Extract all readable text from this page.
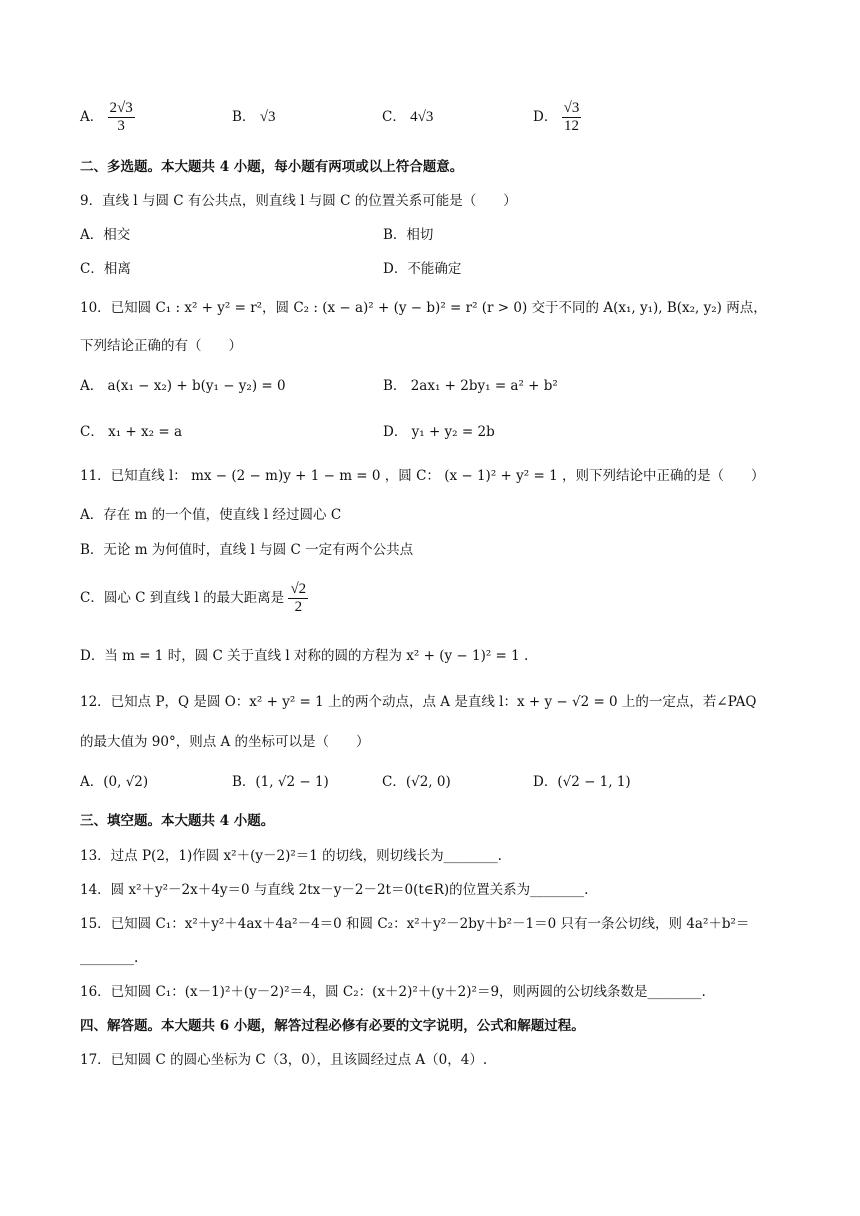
A． $\frac{2√3}{3}$	B． √3	C． 4√3	D． $\frac{√3}{12}$
二、多选题。本大题共 4 小题，每小题有两项或以上符合题意。
9．直线 l 与圆 C 有公共点，则直线 l 与圆 C 的位置关系可能是（　　）
A．相交	B．相切
C．相离	D．不能确定
10．已知圆 C₁ : x² + y² = r²，圆 C₂ : (x − a)² + (y − b)² = r² (r > 0) 交于不同的 A(x₁, y₁), B(x₂, y₂) 两点，
下列结论正确的有（　　）
A． a(x₁ − x₂) + b(y₁ − y₂) = 0	B． 2ax₁ + 2by₁ = a² + b²
C． x₁ + x₂ = a	D． y₁ + y₂ = 2b
11．已知直线 l： mx − (2 − m)y + 1 − m = 0 ，圆 C： (x − 1)² + y² = 1 ，则下列结论中正确的是（　　）
A．存在 m 的一个值，使直线 l 经过圆心 C
B．无论 m 为何值时，直线 l 与圆 C 一定有两个公共点
C．圆心 C 到直线 l 的最大距离是 $\frac{√2}{2}$
D．当 m = 1 时，圆 C 关于直线 l 对称的圆的方程为 x² + (y − 1)² = 1 .
12．已知点 P，Q 是圆 O：x² + y² = 1 上的两个动点，点 A 是直线 l：x + y − √2 = 0 上的一定点，若∠PAQ
的最大值为 90°，则点 A 的坐标可以是（　　）
A．(0, √2)	B．(1, √2 − 1)	C．(√2, 0)	D．(√2 − 1, 1)
三、填空题。本大题共 4 小题。
13．过点 P(2，1)作圆 x²＋(y－2)²＝1 的切线，则切线长为________.
14．圆 x²＋y²－2x＋4y＝0 与直线 2tx－y－2－2t＝0(t∈R)的位置关系为________.
15．已知圆 C₁：x²＋y²＋4ax＋4a²－4＝0 和圆 C₂：x²＋y²－2by＋b²－1＝0 只有一条公切线，则 4a²＋b²＝
________.
16．已知圆 C₁：(x－1)²＋(y－2)²＝4，圆 C₂：(x＋2)²＋(y＋2)²＝9，则两圆的公切线条数是________.
四、解答题。本大题共 6 小题，解答过程必修有必要的文字说明，公式和解题过程。
17．已知圆 C 的圆心坐标为 C（3，0），且该圆经过点 A（0，4）.
